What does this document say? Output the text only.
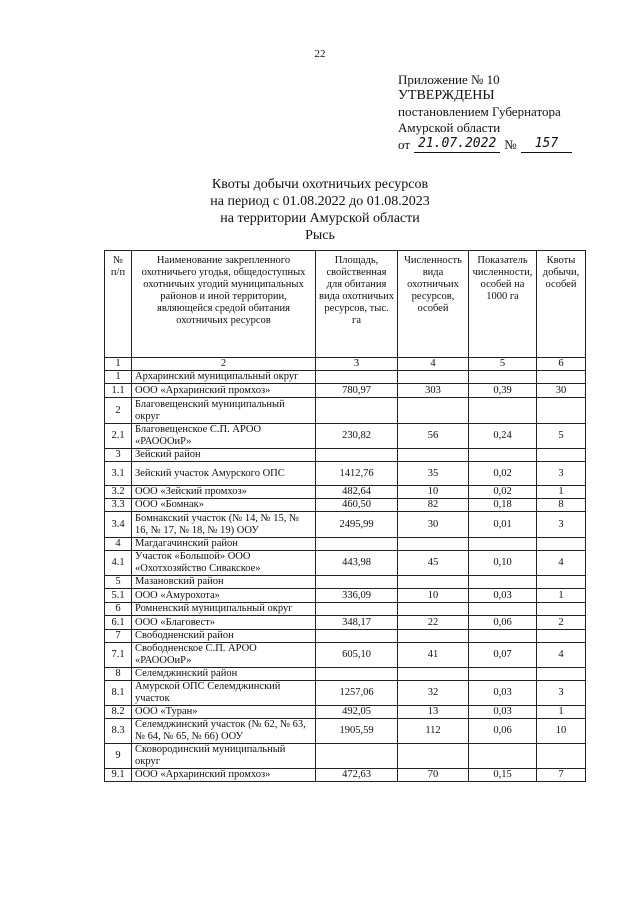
22
Приложение № 10
УТВЕРЖДЕНЫ
постановлением Губернатора
Амурской области
от 21.07.2022 №	157
Квоты добычи охотничьих ресурсов
на период с 01.08.2022 до 01.08.2023
на территории Амурской области
Рысь
№ п/п	Наименование закрепленного охотничьего угодья, общедоступных охотничьих угодий муниципальных районов и иной территории, являющейся средой обитания охотничьих ресурсов	Площадь, свойственная для обитания вида охотничьих ресурсов, тыс. га	Численность вида охотничьих ресурсов, особей	Показатель численности, особей на 1000 га	Квоты добычи, особей
1	2	3	4	5	6
1	Архаринский муниципальный округ				
1.1	ООО «Архаринский промхоз»	780,97	303	0,39	30
2	Благовещенский муниципальный округ				
2.1	Благовещенское С.П. АРОО «РАОООиР»	230,82	56	0,24	5
3	Зейский район				
3.1	Зейский участок Амурского ОПС	1412,76	35	0,02	3
3.2	ООО «Зейский промхоз»	482,64	10	0,02	1
3.3	ООО «Бомнак»	460,50	82	0,18	8
3.4	Бомнакский участок (№ 14, № 15, № 16, № 17, № 18, № 19) ООУ	2495,99	30	0,01	3
4	Магдагачинский район				
4.1	Участок «Большой» ООО «Охотхозяйство Сивакское»	443,98	45	0,10	4
5	Мазановский район				
5.1	ООО «Амурохота»	336,09	10	0,03	1
6	Ромненский муниципальный округ				
6.1	ООО «Благовест»	348,17	22	0,06	2
7	Свободненский район				
7.1	Свободненское С.П. АРОО «РАОООиР»	605,10	41	0,07	4
8	Селемджинский район				
8.1	Амурской ОПС Селемджинский участок	1257,06	32	0,03	3
8.2	ООО «Туран»	492,05	13	0,03	1
8.3	Селемджинский участок (№ 62, № 63, № 64, № 65, № 66) ООУ	1905,59	112	0,06	10
9	Сковородинский муниципальный округ				
9.1	ООО «Архаринский промхоз»	472,63	70	0,15	7
